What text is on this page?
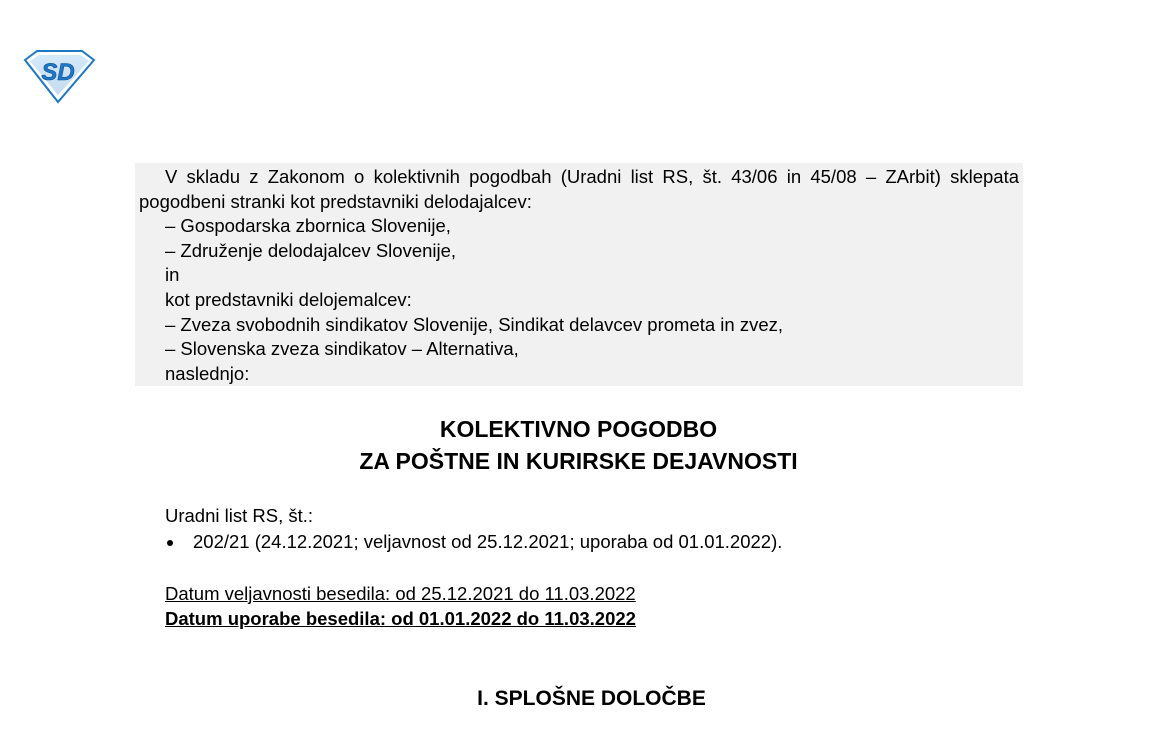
SD

V skladu z Zakonom o kolektivnih pogodbah (Uradni list RS, št. 43/06 in 45/08 – ZArbit) sklepata pogodbeni stranki kot predstavniki delodajalcev:

– Gospodarska zbornica Slovenije,

– Združenje delodajalcev Slovenije,

in

kot predstavniki delojemalcev:

– Zveza svobodnih sindikatov Slovenije, Sindikat delavcev prometa in zvez,

– Slovenska zveza sindikatov – Alternativa,

naslednjo:

KOLEKTIVNO POGODBO
ZA POŠTNE IN KURIRSKE DEJAVNOSTI

Uradni list RS, št.:

202/21 (24.12.2021; veljavnost od 25.12.2021; uporaba od 01.01.2022).

Datum veljavnosti besedila: od 25.12.2021 do 11.03.2022

Datum uporabe besedila: od 01.01.2022 do 11.03.2022

I. SPLOŠNE DOLOČBE
